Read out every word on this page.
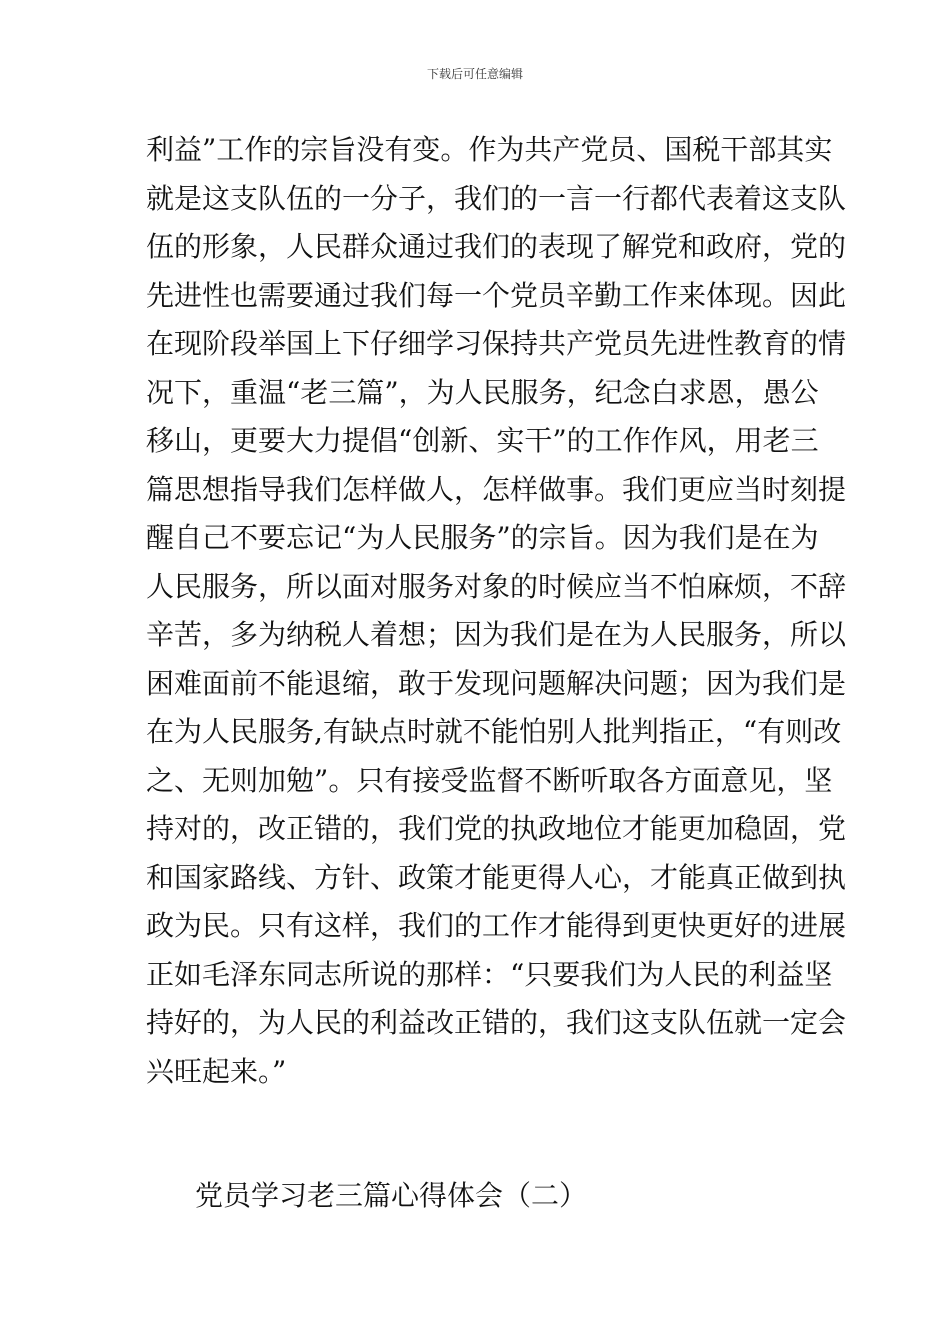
下载后可任意编辑
利益”工作的宗旨没有变。作为共产党员、国税干部其实
就是这支队伍的一分子，我们的一言一行都代表着这支队
伍的形象，人民群众通过我们的表现了解党和政府，党的
先进性也需要通过我们每一个党员辛勤工作来体现。因此
在现阶段举国上下仔细学习保持共产党员先进性教育的情
况下，重温“老三篇”，为人民服务，纪念白求恩，愚公
移山，更要大力提倡“创新、实干”的工作作风，用老三
篇思想指导我们怎样做人，怎样做事。我们更应当时刻提
醒自己不要忘记“为人民服务”的宗旨。因为我们是在为
人民服务，所以面对服务对象的时候应当不怕麻烦，不辞
辛苦，多为纳税人着想；因为我们是在为人民服务，所以
困难面前不能退缩，敢于发现问题解决问题；因为我们是
在为人民服务,有缺点时就不能怕别人批判指正，“有则改
之、无则加勉”。只有接受监督不断听取各方面意见，坚
持对的，改正错的，我们党的执政地位才能更加稳固，党
和国家路线、方针、政策才能更得人心，才能真正做到执
政为民。只有这样，我们的工作才能得到更快更好的进展
正如毛泽东同志所说的那样：“只要我们为人民的利益坚
持好的，为人民的利益改正错的，我们这支队伍就一定会
兴旺起来。”
党员学习老三篇心得体会（二）
